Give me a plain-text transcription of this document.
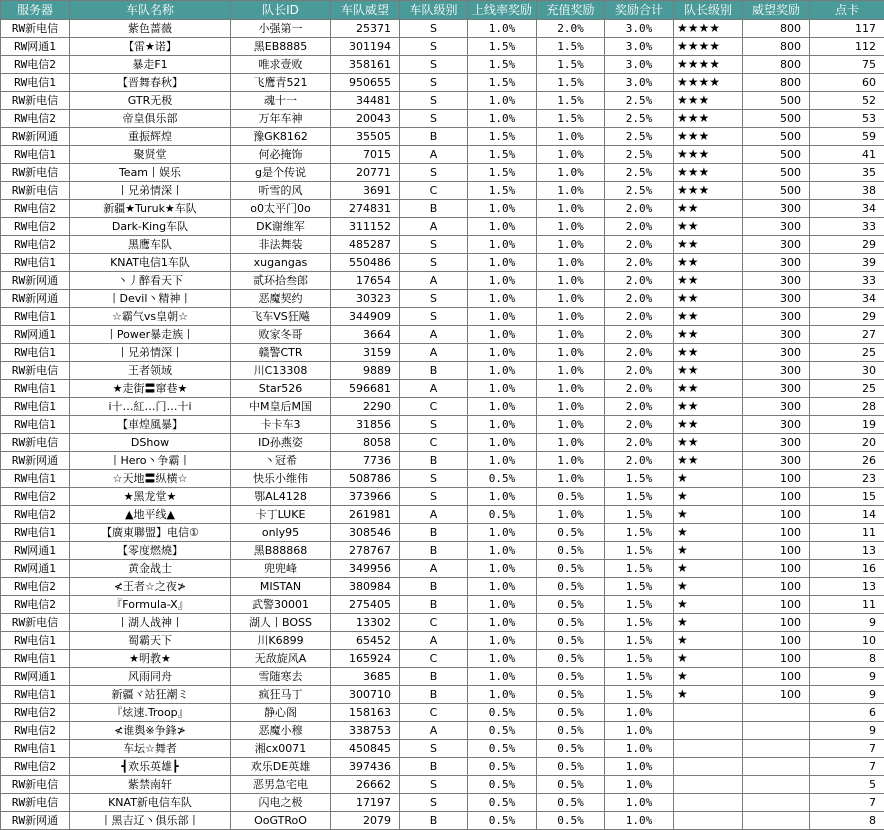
服务器	车队名称	队长ID	车队威望	车队级别	上线率奖励	充值奖励	奖励合计	队长级别	威望奖励	点卡
RW新电信	紫色蔷薇	小强第一	25371	S	1.0%	2.0%	3.0%	★★★★	800	117
RW网通1	【雷★诺】	黑EB8885	301194	S	1.5%	1.5%	3.0%	★★★★	800	112
RW电信2	暴走F1	唯求壹败	358161	S	1.5%	1.5%	3.0%	★★★★	800	75
RW电信1	【晋舞春秋】	飞鹰青521	950655	S	1.5%	1.5%	3.0%	★★★★	800	60
RW新电信	GTR无极	魂十一	34481	S	1.0%	1.5%	2.5%	★★★	500	52
RW电信2	帝皇俱乐部	万年车神	20043	S	1.0%	1.5%	2.5%	★★★	500	53
RW新网通	重振辉煌	豫GK8162	35505	B	1.5%	1.0%	2.5%	★★★	500	59
RW电信1	聚贤堂	何必掩饰	7015	A	1.5%	1.0%	2.5%	★★★	500	41
RW新电信	Team丨娱乐	g是个传说	20771	S	1.5%	1.0%	2.5%	★★★	500	35
RW新电信	丨兄弟情深丨	听雪的风	3691	C	1.5%	1.0%	2.5%	★★★	500	38
RW电信2	新疆★Turuk★车队	o0太平门0o	274831	B	1.0%	1.0%	2.0%	★★	300	34
RW电信2	Dark-King车队	DK谢维军	311152	A	1.0%	1.0%	2.0%	★★	300	33
RW电信2	黑鹰车队	非法舞装	485287	S	1.0%	1.0%	2.0%	★★	300	29
RW电信1	KNAT电信1车队	xugangas	550486	S	1.0%	1.0%	2.0%	★★	300	39
RW新网通	丶丿醉看天下	贰环拾叁郎	17654	A	1.0%	1.0%	2.0%	★★	300	33
RW新网通	丨Devil丶精神丨	恶魔契约	30323	S	1.0%	1.0%	2.0%	★★	300	34
RW电信1	☆霸气vs皇朝☆	飞车VS狂飚	344909	S	1.0%	1.0%	2.0%	★★	300	29
RW网通1	丨Power暴走族丨	败家冬哥	3664	A	1.0%	1.0%	2.0%	★★	300	27
RW电信1	丨兄弟情深丨	赣警CTR	3159	A	1.0%	1.0%	2.0%	★★	300	25
RW新电信	王者领域	川C13308	9889	B	1.0%	1.0%	2.0%	★★	300	30
RW电信1	★走街〓窜巷★	Star526	596681	A	1.0%	1.0%	2.0%	★★	300	25
RW电信1	i十…紅…门…十i	中M皇后M国	2290	C	1.0%	1.0%	2.0%	★★	300	28
RW电信1	【車煌風暴】	卡卡车3	31856	S	1.0%	1.0%	2.0%	★★	300	19
RW新电信	DShow	ID孙燕姿	8058	C	1.0%	1.0%	2.0%	★★	300	20
RW新网通	丨Hero丶争霸丨	丶冠希	7736	B	1.0%	1.0%	2.0%	★★	300	26
RW电信1	☆天地〓纵横☆	快乐小维伟	508786	S	0.5%	1.0%	1.5%	★	100	23
RW电信2	★黑龙堂★	鄂AL4128	373966	S	1.0%	0.5%	1.5%	★	100	15
RW电信2	▲地平线▲	卡丁LUKE	261981	A	0.5%	1.0%	1.5%	★	100	14
RW电信1	【廣東聯盟】电信①	only95	308546	B	1.0%	0.5%	1.5%	★	100	11
RW网通1	【零度燃燒】	黑B88868	278767	B	1.0%	0.5%	1.5%	★	100	13
RW网通1	黄金战士	兜兜峰	349956	A	1.0%	0.5%	1.5%	★	100	16
RW电信2	≮王者☆之夜≯	MISTAN	380984	B	1.0%	0.5%	1.5%	★	100	13
RW电信2	『Formula-X』	武警30001	275405	B	1.0%	0.5%	1.5%	★	100	11
RW新电信	丨湖人战神丨	湖人丨BOSS	13302	C	1.0%	0.5%	1.5%	★	100	9
RW电信1	蜀霸天下	川K6899	65452	A	1.0%	0.5%	1.5%	★	100	10
RW电信1	★明教★	无敌旋风A	165924	C	1.0%	0.5%	1.5%	★	100	8
RW网通1	风雨同舟	雪随寒去	3685	B	1.0%	0.5%	1.5%	★	100	9
RW电信1	新疆ヾ站狂潮ミ	疯狂马丁	300710	B	1.0%	0.5%	1.5%	★	100	9
RW电信2	『炫速.Troop』	静心阁	158163	C	0.5%	0.5%	1.0%			6
RW电信2	≮谁舆※争鋒≯	恶魔小穆	338753	A	0.5%	0.5%	1.0%			9
RW电信1	车坛☆舞者	湘cx0071	450845	S	0.5%	0.5%	1.0%			7
RW电信2	┫欢乐英雄┣	欢乐DE英雄	397436	B	0.5%	0.5%	1.0%			7
RW新电信	紫禁南轩	恶男急宅电	26662	S	0.5%	0.5%	1.0%			5
RW新电信	KNAT新电信车队	闪电之极	17197	S	0.5%	0.5%	1.0%			7
RW新网通	丨黑吉辽丶俱乐部丨	OoGTRoO	2079	B	0.5%	0.5%	1.0%			8
